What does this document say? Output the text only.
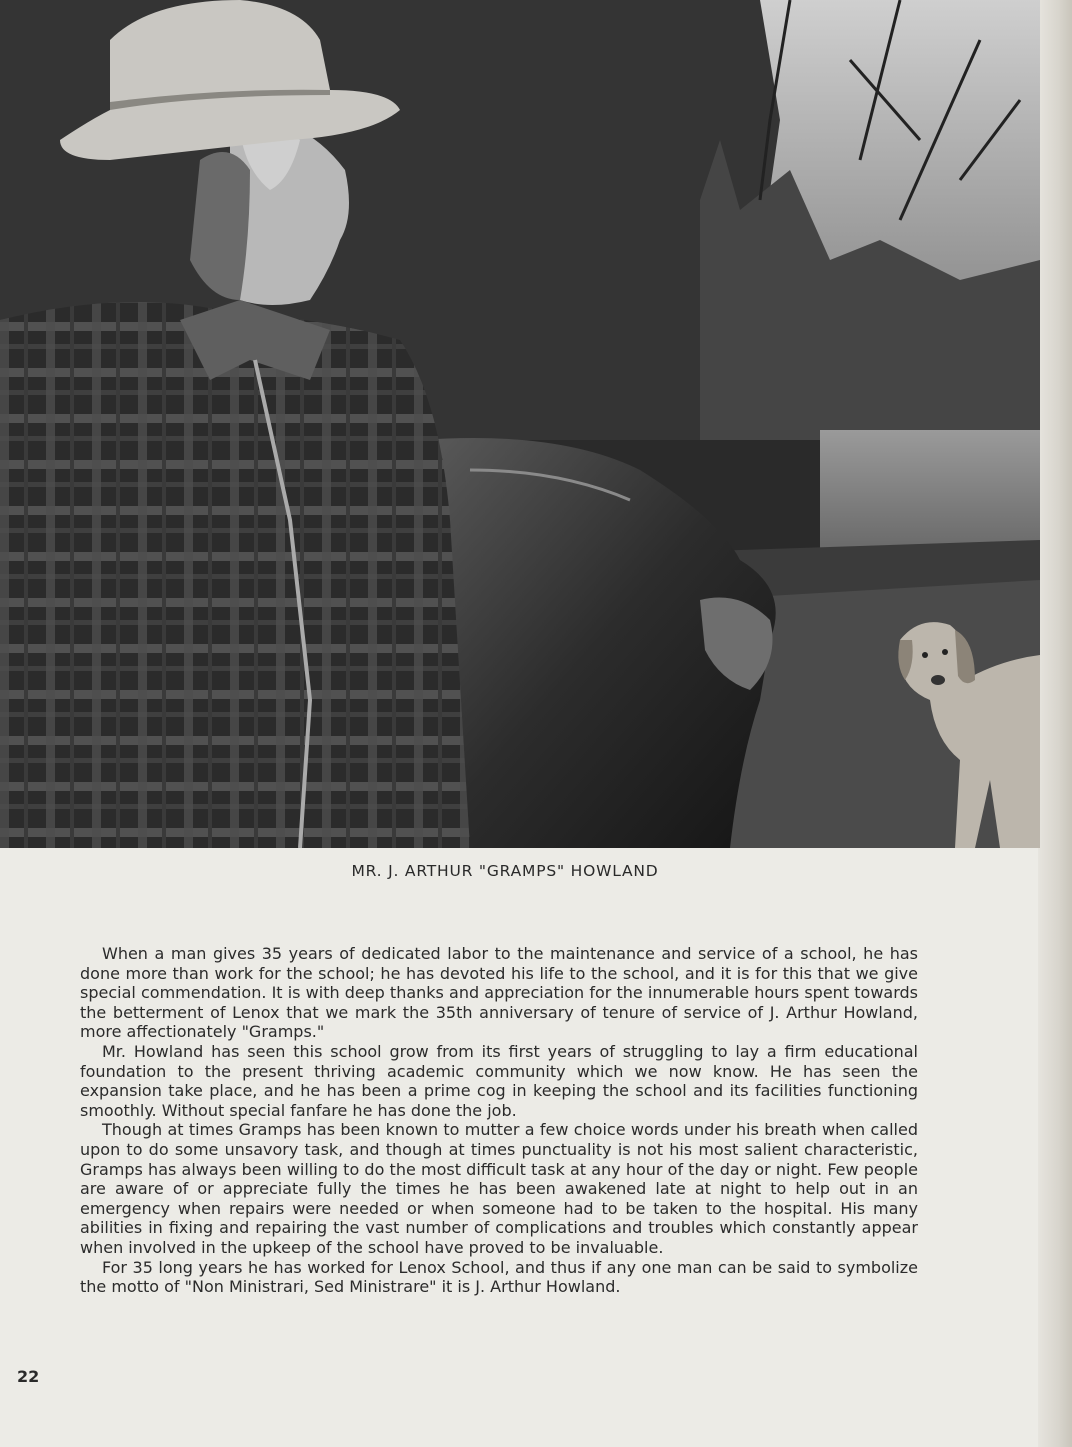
MR. J. ARTHUR "GRAMPS" HOWLAND

When a man gives 35 years of dedicated labor to the maintenance and service of a school, he has done more than work for the school; he has devoted his life to the school, and it is for this that we give special commendation. It is with deep thanks and appreciation for the innumerable hours spent towards the betterment of Lenox that we mark the 35th anniversary of tenure of service of J. Arthur Howland, more affectionately "Gramps."

Mr. Howland has seen this school grow from its first years of struggling to lay a firm educational foundation to the present thriving academic community which we now know. He has seen the expansion take place, and he has been a prime cog in keeping the school and its facilities functioning smoothly. Without special fanfare he has done the job.

Though at times Gramps has been known to mutter a few choice words under his breath when called upon to do some unsavory task, and though at times punctuality is not his most salient characteristic, Gramps has always been willing to do the most difficult task at any hour of the day or night. Few people are aware of or appreciate fully the times he has been awakened late at night to help out in an emergency when repairs were needed or when someone had to be taken to the hospital. His many abilities in fixing and repairing the vast number of complications and troubles which constantly appear when involved in the upkeep of the school have proved to be invaluable.

For 35 long years he has worked for Lenox School, and thus if any one man can be said to symbolize the motto of "Non Ministrari, Sed Ministrare" it is J. Arthur Howland.

22
